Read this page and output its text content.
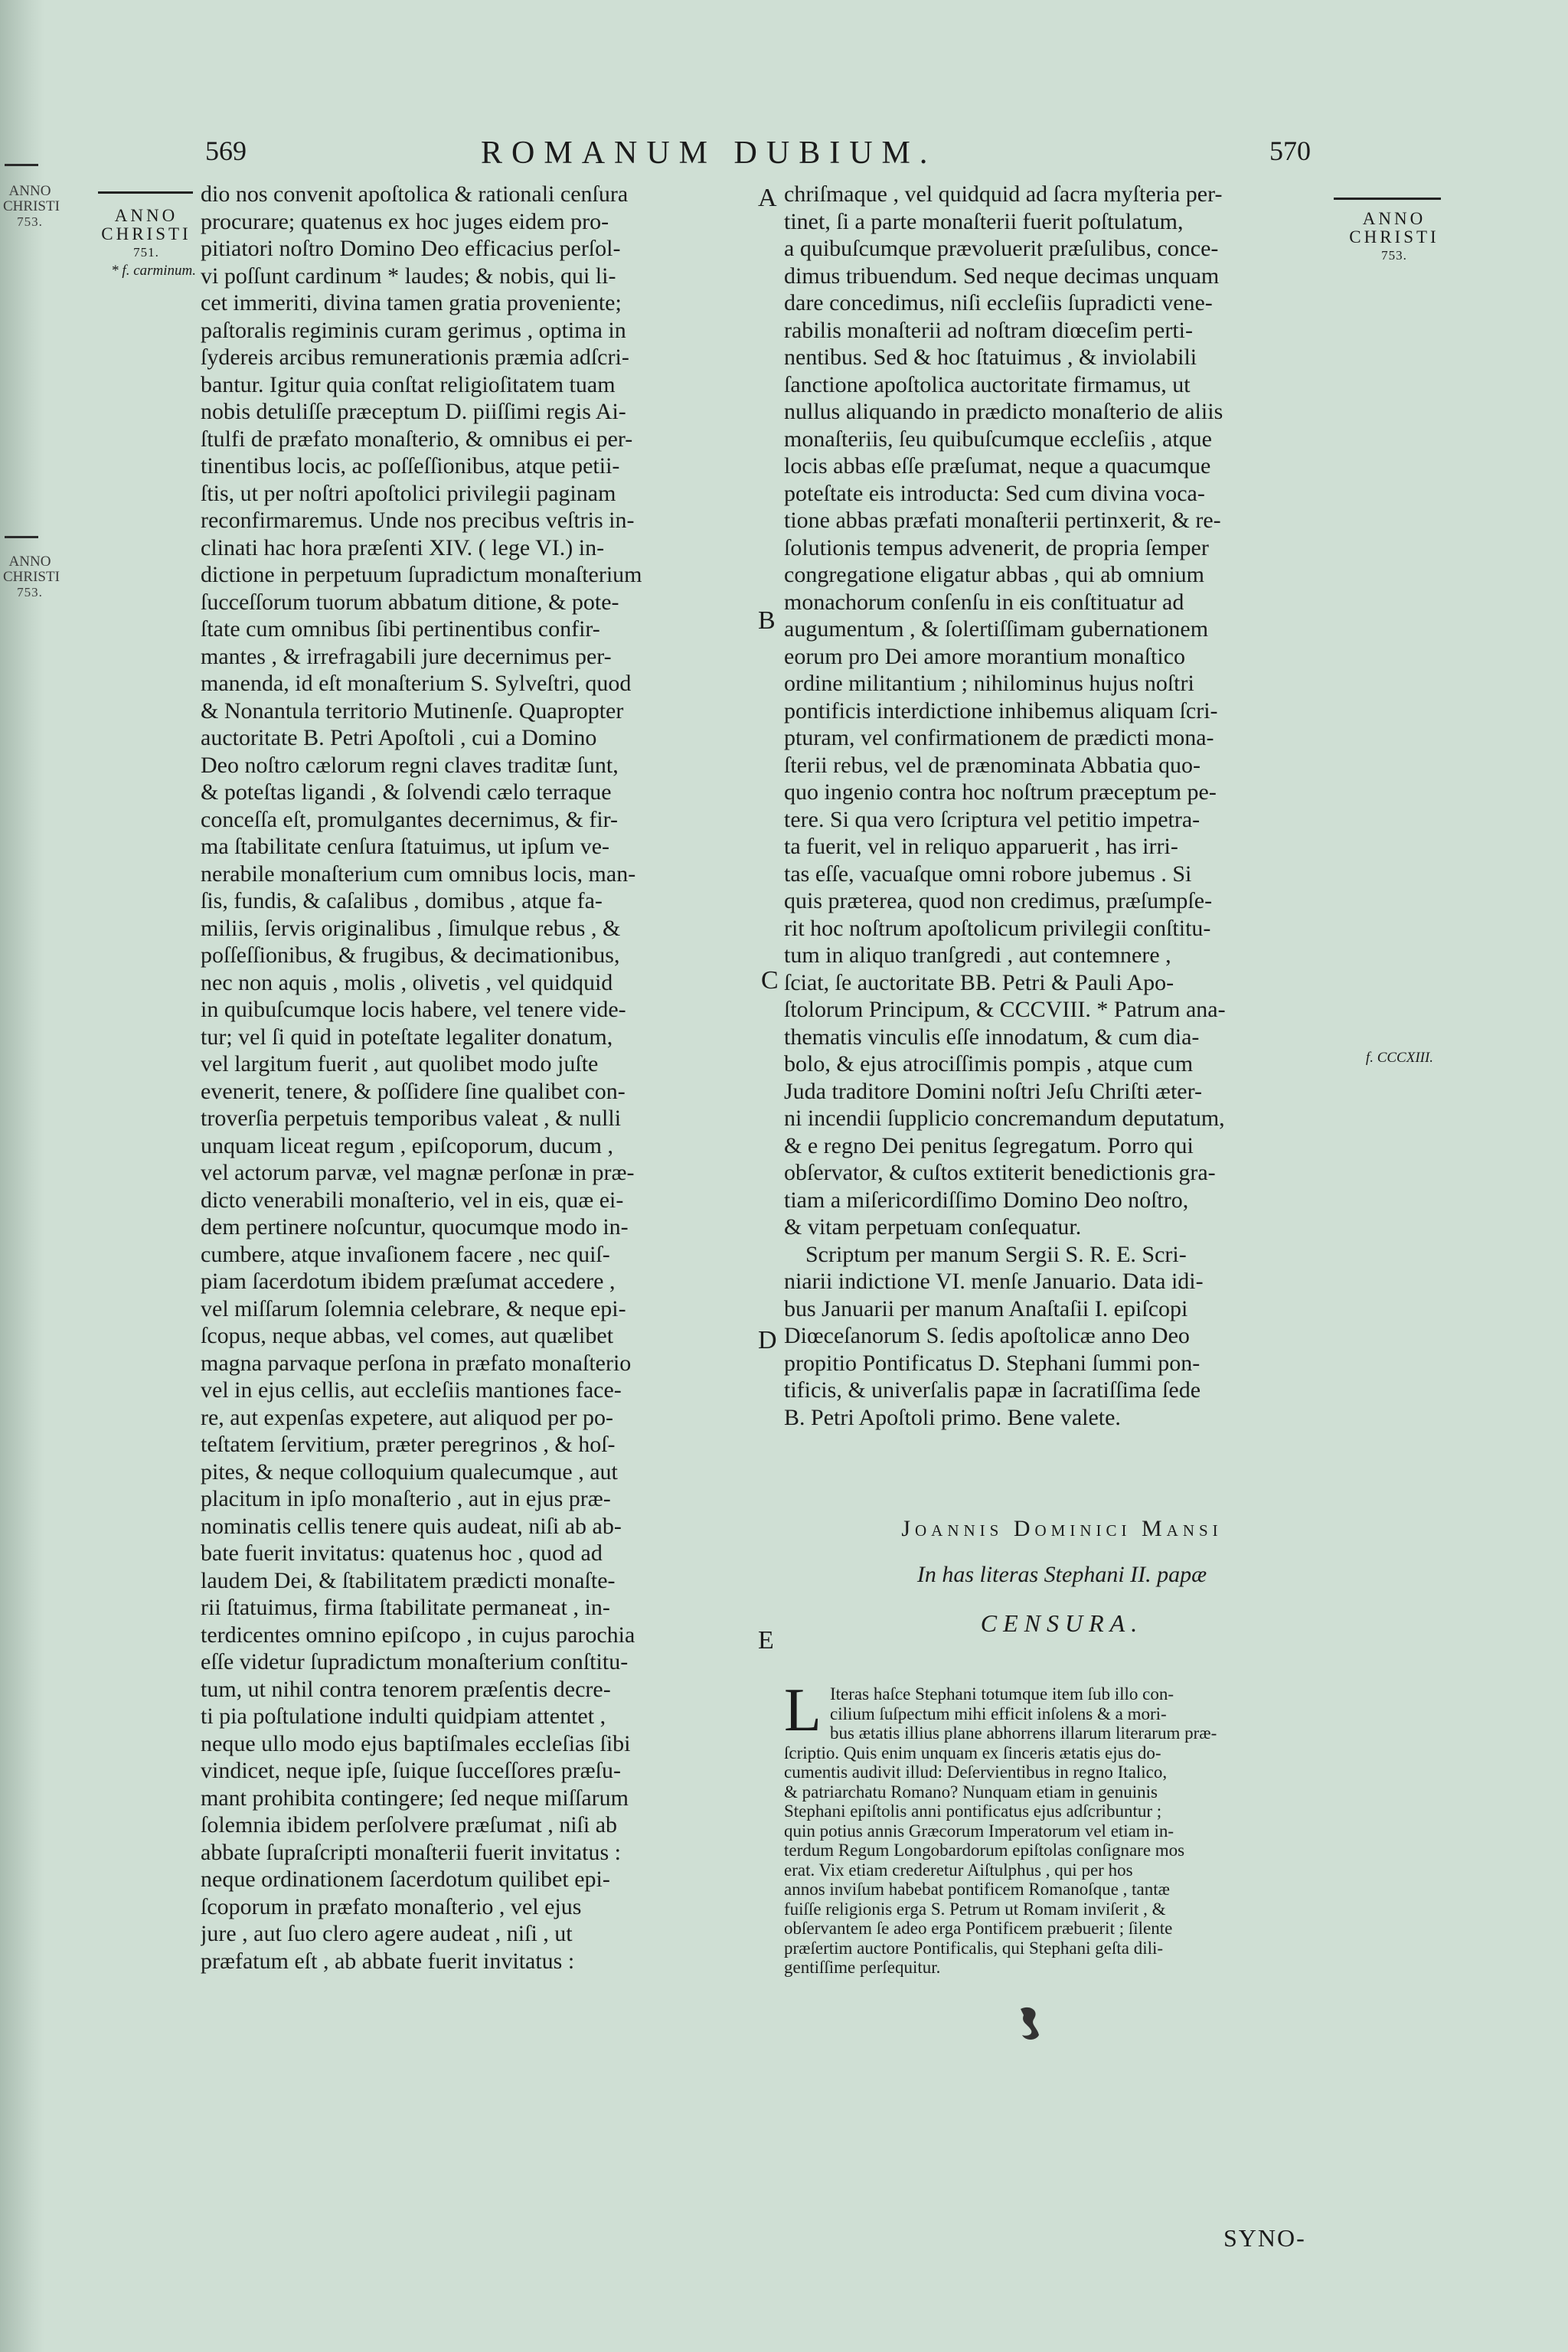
ANNO
CHRISTI
753.
ANNO
CHRISTI
753.
569	ROMANUM DUBIUM.	570
ANNO
CHRISTI
751.
* f. carminum.
ANNO
CHRISTI
753.
f. CCCXIII.
A
B
C
D
E
dio nos convenit apoſtolica & rationali cenſura
procurare; quatenus ex hoc juges eidem pro-
pitiatori noſtro Domino Deo efficacius perſol-
vi poſſunt cardinum * laudes; & nobis, qui li-
cet immeriti, divina tamen gratia proveniente;
paſtoralis regiminis curam gerimus , optima in
ſydereis arcibus remunerationis præmia adſcri-
bantur. Igitur quia conſtat religioſitatem tuam
nobis detuliſſe præceptum D. piiſſimi regis Ai-
ſtulfi de præfato monaſterio, & omnibus ei per-
tinentibus locis, ac poſſeſſionibus, atque petii-
ſtis, ut per noſtri apoſtolici privilegii paginam
reconfirmaremus. Unde nos precibus veſtris in-
clinati hac hora præſenti XIV. ( lege VI.) in-
dictione in perpetuum ſupradictum monaſterium
ſucceſſorum tuorum abbatum ditione, & pote-
ſtate cum omnibus ſibi pertinentibus confir-
mantes , & irrefragabili jure decernimus per-
manenda, id eſt monaſterium S. Sylveſtri, quod
& Nonantula territorio Mutinenſe. Quapropter
auctoritate B. Petri Apoſtoli , cui a Domino
Deo noſtro cælorum regni claves traditæ ſunt,
& poteſtas ligandi , & ſolvendi cælo terraque
conceſſa eſt, promulgantes decernimus, & fir-
ma ſtabilitate cenſura ſtatuimus, ut ipſum ve-
nerabile monaſterium cum omnibus locis, man-
ſis, fundis, & caſalibus , domibus , atque fa-
miliis, ſervis originalibus , ſimulque rebus , &
poſſeſſionibus, & frugibus, & decimationibus,
nec non aquis , molis , olivetis , vel quidquid
in quibuſcumque locis habere, vel tenere vide-
tur; vel ſi quid in poteſtate legaliter donatum,
vel largitum fuerit , aut quolibet modo juſte
evenerit, tenere, & poſſidere ſine qualibet con-
troverſia perpetuis temporibus valeat , & nulli
unquam liceat regum , epiſcoporum, ducum ,
vel actorum parvæ, vel magnæ perſonæ in præ-
dicto venerabili monaſterio, vel in eis, quæ ei-
dem pertinere noſcuntur, quocumque modo in-
cumbere, atque invaſionem facere , nec quiſ-
piam ſacerdotum ibidem præſumat accedere ,
vel miſſarum ſolemnia celebrare, & neque epi-
ſcopus, neque abbas, vel comes, aut quælibet
magna parvaque perſona in præfato monaſterio
vel in ejus cellis, aut eccleſiis mantiones face-
re, aut expenſas expetere, aut aliquod per po-
teſtatem ſervitium, præter peregrinos , & hoſ-
pites, & neque colloquium qualecumque , aut
placitum in ipſo monaſterio , aut in ejus præ-
nominatis cellis tenere quis audeat, niſi ab ab-
bate fuerit invitatus: quatenus hoc , quod ad
laudem Dei, & ſtabilitatem prædicti monaſte-
rii ſtatuimus, firma ſtabilitate permaneat , in-
terdicentes omnino epiſcopo , in cujus parochia
eſſe videtur ſupradictum monaſterium conſtitu-
tum, ut nihil contra tenorem præſentis decre-
ti pia poſtulatione indulti quidpiam attentet ,
neque ullo modo ejus baptiſmales eccleſias ſibi
vindicet, neque ipſe, ſuique ſucceſſores præſu-
mant prohibita contingere; ſed neque miſſarum
ſolemnia ibidem perſolvere præſumat , niſi ab
abbate ſupraſcripti monaſterii fuerit invitatus :
neque ordinationem ſacerdotum quilibet epi-
ſcoporum in præfato monaſterio , vel ejus
jure , aut ſuo clero agere audeat , niſi , ut
præfatum eſt , ab abbate fuerit invitatus :
chriſmaque , vel quidquid ad ſacra myſteria per-
tinet, ſi a parte monaſterii fuerit poſtulatum,
a quibuſcumque prævoluerit præſulibus, conce-
dimus tribuendum. Sed neque decimas unquam
dare concedimus, niſi eccleſiis ſupradicti vene-
rabilis monaſterii ad noſtram diœceſim perti-
nentibus. Sed & hoc ſtatuimus , & inviolabili
ſanctione apoſtolica auctoritate firmamus, ut
nullus aliquando in prædicto monaſterio de aliis
monaſteriis, ſeu quibuſcumque eccleſiis , atque
locis abbas eſſe præſumat, neque a quacumque
poteſtate eis introducta: Sed cum divina voca-
tione abbas præfati monaſterii pertinxerit, & re-
ſolutionis tempus advenerit, de propria ſemper
congregatione eligatur abbas , qui ab omnium
monachorum conſenſu in eis conſtituatur ad
augumentum , & ſolertiſſimam gubernationem
eorum pro Dei amore morantium monaſtico
ordine militantium ; nihilominus hujus noſtri
pontificis interdictione inhibemus aliquam ſcri-
pturam, vel confirmationem de prædicti mona-
ſterii rebus, vel de prænominata Abbatia quo-
quo ingenio contra hoc noſtrum præceptum pe-
tere. Si qua vero ſcriptura vel petitio impetra-
ta fuerit, vel in reliquo apparuerit , has irri-
tas eſſe, vacuaſque omni robore jubemus . Si
quis præterea, quod non credimus, præſumpſe-
rit hoc noſtrum apoſtolicum privilegii conſtitu-
tum in aliquo tranſgredi , aut contemnere ,
ſciat, ſe auctoritate BB. Petri & Pauli Apo-
ſtolorum Principum, & CCCVIII. * Patrum ana-
thematis vinculis eſſe innodatum, & cum dia-
bolo, & ejus atrociſſimis pompis , atque cum
Juda traditore Domini noſtri Jeſu Chriſti æter-
ni incendii ſupplicio concremandum deputatum,
& e regno Dei penitus ſegregatum. Porro qui
obſervator, & cuſtos extiterit benedictionis gra-
tiam a miſericordiſſimo Domino Deo noſtro,
& vitam perpetuam conſequatur.
Scriptum per manum Sergii S. R. E. Scri-
niarii indictione VI. menſe Januario. Data idi-
bus Januarii per manum Anaſtaſii I. epiſcopi
Diœceſanorum S. ſedis apoſtolicæ anno Deo
propitio Pontificatus D. Stephani ſummi pon-
tificis, & univerſalis papæ in ſacratiſſima ſede
B. Petri Apoſtoli primo. Bene valete.
Joannis Dominici Mansi
In has literas Stephani II. papæ
CENSURA.
L Iteras haſce Stephani totumque item ſub illo con-
cilium ſuſpectum mihi efficit inſolens & a mori-
bus ætatis illius plane abhorrens illarum literarum præ-
ſcriptio. Quis enim unquam ex ſinceris ætatis ejus do-
cumentis audivit illud: Deſervientibus in regno Italico,
& patriarchatu Romano? Nunquam etiam in genuinis
Stephani epiſtolis anni pontificatus ejus adſcribuntur ;
quin potius annis Græcorum Imperatorum vel etiam in-
terdum Regum Longobardorum epiſtolas conſignare mos
erat. Vix etiam crederetur Aiſtulphus , qui per hos
annos inviſum habebat pontificem Romanoſque , tantæ
fuiſſe religionis erga S. Petrum ut Romam inviſerit , &
obſervantem ſe adeo erga Pontificem præbuerit ; ſilente
præſertim auctore Pontificalis, qui Stephani geſta dili-
gentiſſime perſequitur.
SYNO-
